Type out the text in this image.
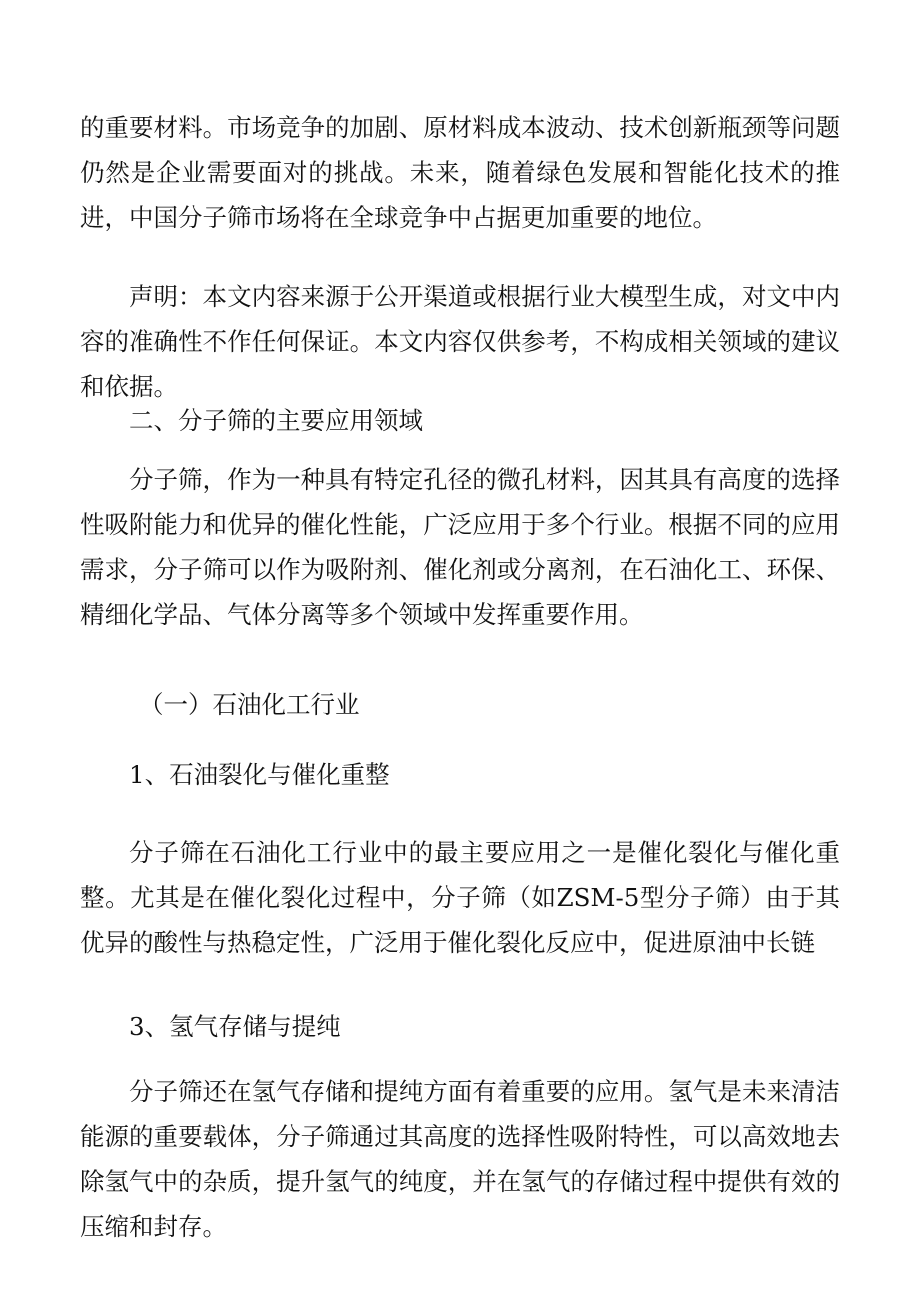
的重要材料。市场竞争的加剧、原材料成本波动、技术创新瓶颈等问题仍然是企业需要面对的挑战。未来，随着绿色发展和智能化技术的推进，中国分子筛市场将在全球竞争中占据更加重要的地位。

声明：本文内容来源于公开渠道或根据行业大模型生成，对文中内容的准确性不作任何保证。本文内容仅供参考，不构成相关领域的建议和依据。

二、分子筛的主要应用领域

分子筛，作为一种具有特定孔径的微孔材料，因其具有高度的选择性吸附能力和优异的催化性能，广泛应用于多个行业。根据不同的应用需求，分子筛可以作为吸附剂、催化剂或分离剂，在石油化工、环保、精细化学品、气体分离等多个领域中发挥重要作用。

（一）石油化工行业

1、石油裂化与催化重整

分子筛在石油化工行业中的最主要应用之一是催化裂化与催化重整。尤其是在催化裂化过程中，分子筛（如ZSM-5型分子筛）由于其优异的酸性与热稳定性，广泛用于催化裂化反应中，促进原油中长链

3、氢气存储与提纯

分子筛还在氢气存储和提纯方面有着重要的应用。氢气是未来清洁能源的重要载体，分子筛通过其高度的选择性吸附特性，可以高效地去除氢气中的杂质，提升氢气的纯度，并在氢气的存储过程中提供有效的压缩和封存。
